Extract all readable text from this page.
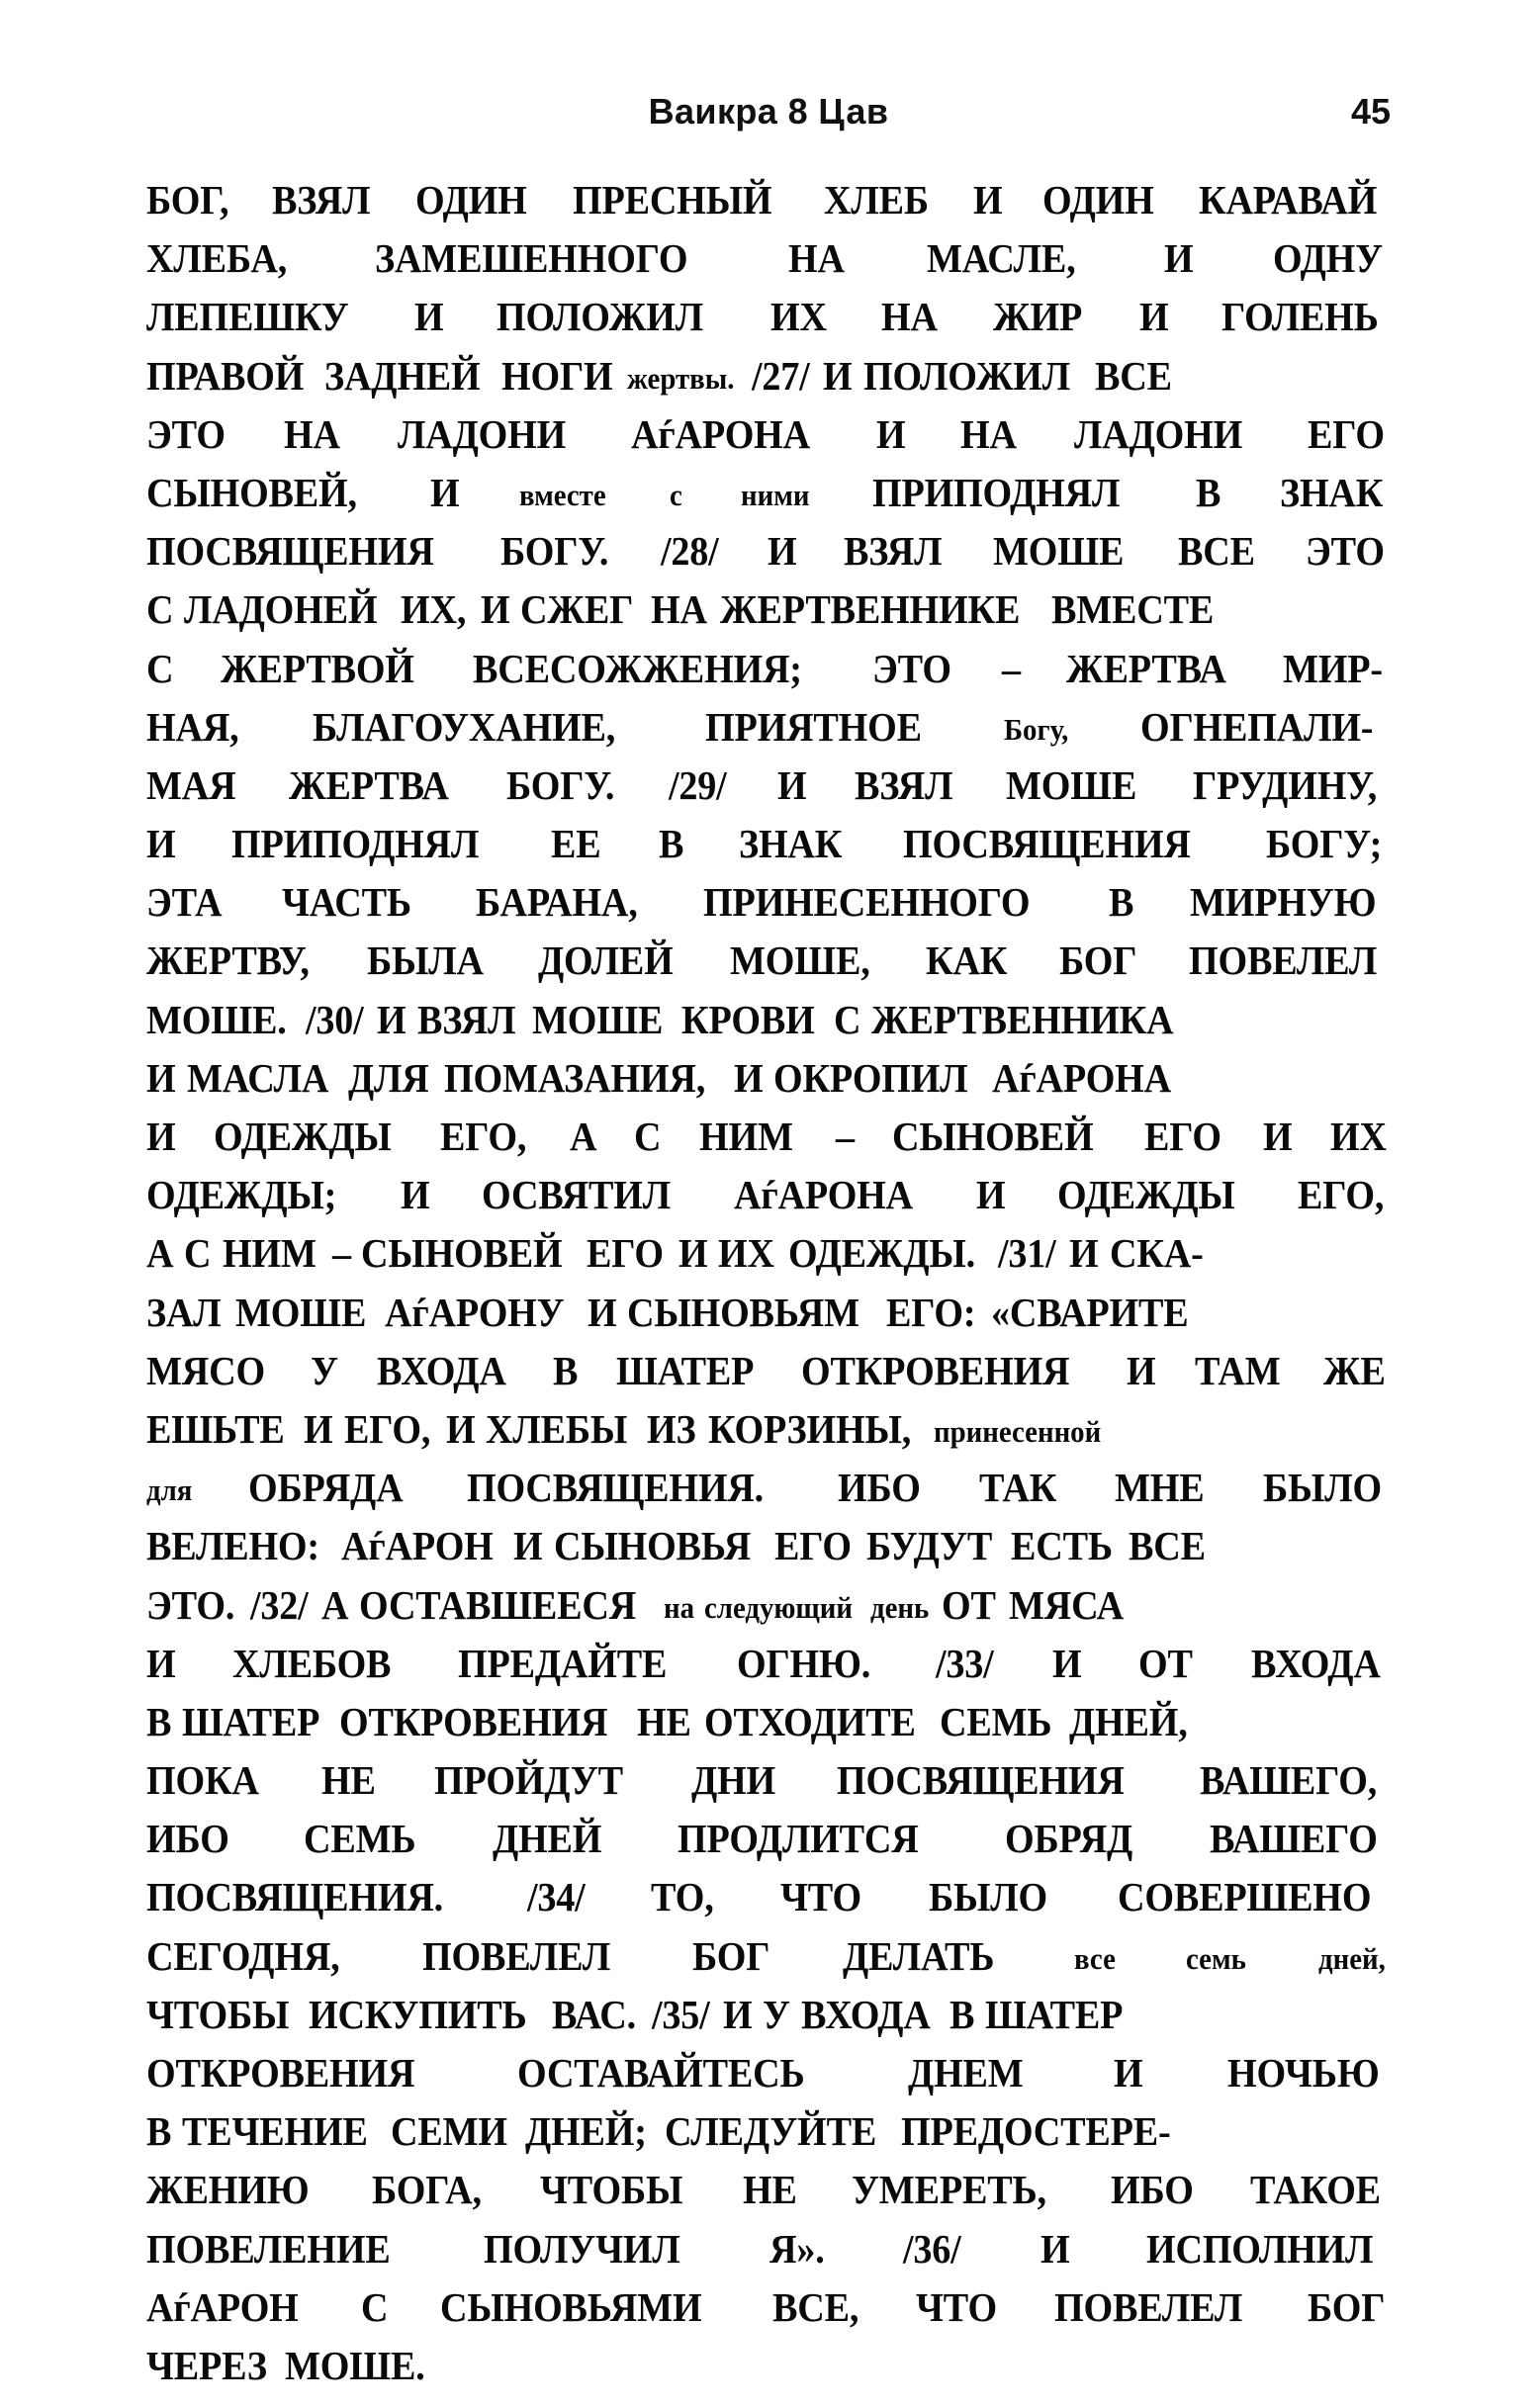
Ваикра 8 Цав	45
БОГ, ВЗЯЛ ОДИН ПРЕСНЫЙ ХЛЕБ И ОДИН КАРАВАЙ
ХЛЕБА, ЗАМЕШЕННОГО НА МАСЛЕ, И ОДНУ
ЛЕПЕШКУ И ПОЛОЖИЛ ИХ НА ЖИР И ГОЛЕНЬ
ПРАВОЙ ЗАДНЕЙ НОГИ жертвы. /27/ И ПОЛОЖИЛ ВСЕ
ЭТО НА ЛАДОНИ АѓАРОНА И НА ЛАДОНИ ЕГО
СЫНОВЕЙ, И вместе с ними ПРИПОДНЯЛ В ЗНАК
ПОСВЯЩЕНИЯ БОГУ. /28/ И ВЗЯЛ МОШЕ ВСЕ ЭТО
С ЛАДОНЕЙ ИХ, И СЖЕГ НА ЖЕРТВЕННИКЕ ВМЕСТЕ
С ЖЕРТВОЙ ВСЕСОЖЖЕНИЯ; ЭТО – ЖЕРТВА МИР-
НАЯ, БЛАГОУХАНИЕ, ПРИЯТНОЕ	Богу, ОГНЕПАЛИ-
МАЯ ЖЕРТВА БОГУ. /29/ И ВЗЯЛ МОШЕ ГРУДИНУ,
И ПРИПОДНЯЛ ЕЕ В ЗНАК ПОСВЯЩЕНИЯ БОГУ;
ЭТА ЧАСТЬ БАРАНА, ПРИНЕСЕННОГО В МИРНУЮ
ЖЕРТВУ, БЫЛА ДОЛЕЙ МОШЕ, КАК БОГ ПОВЕЛЕЛ
МОШЕ. /30/ И ВЗЯЛ МОШЕ КРОВИ С ЖЕРТВЕННИКА
И МАСЛА ДЛЯ ПОМАЗАНИЯ, И ОКРОПИЛ АѓАРОНА
И ОДЕЖДЫ ЕГО, А С НИМ – СЫНОВЕЙ ЕГО И ИХ
ОДЕЖДЫ; И ОСВЯТИЛ АѓАРОНА И ОДЕЖДЫ ЕГО,
А С НИМ – СЫНОВЕЙ ЕГО И ИХ ОДЕЖДЫ. /31/ И СКА-
ЗАЛ МОШЕ АѓАРОНУ И СЫНОВЬЯМ ЕГО: «СВАРИТЕ
МЯСО У ВХОДА В ШАТЕР ОТКРОВЕНИЯ И ТАМ ЖЕ
ЕШЬТЕ И ЕГО, И ХЛЕБЫ ИЗ КОРЗИНЫ, принесенной
для ОБРЯДА ПОСВЯЩЕНИЯ. ИБО ТАК МНЕ БЫЛО
ВЕЛЕНО: АѓАРОН И СЫНОВЬЯ ЕГО БУДУТ ЕСТЬ ВСЕ
ЭТО. /32/ А ОСТАВШЕЕСЯ на следующий день ОТ МЯСА
И ХЛЕБОВ ПРЕДАЙТЕ ОГНЮ. /33/ И ОТ ВХОДА
В ШАТЕР ОТКРОВЕНИЯ НЕ ОТХОДИТЕ СЕМЬ ДНЕЙ,
ПОКА НЕ ПРОЙДУТ ДНИ ПОСВЯЩЕНИЯ ВАШЕГО,
ИБО СЕМЬ ДНЕЙ ПРОДЛИТСЯ ОБРЯД ВАШЕГО
ПОСВЯЩЕНИЯ. /34/ ТО, ЧТО БЫЛО СОВЕРШЕНО
СЕГОДНЯ, ПОВЕЛЕЛ БОГ ДЕЛАТЬ	все семь дней,
ЧТОБЫ ИСКУПИТЬ ВАС. /35/ И У ВХОДА В ШАТЕР
ОТКРОВЕНИЯ	ОСТАВАЙТЕСЬ	ДНЕМ И НОЧЬЮ
В ТЕЧЕНИЕ СЕМИ ДНЕЙ; СЛЕДУЙТЕ ПРЕДОСТЕРЕ-
ЖЕНИЮ БОГА, ЧТОБЫ НЕ УМЕРЕТЬ, ИБО ТАКОЕ
ПОВЕЛЕНИЕ ПОЛУЧИЛ Я». /36/ И ИСПОЛНИЛ
АѓАРОН С СЫНОВЬЯМИ ВСЕ, ЧТО ПОВЕЛЕЛ БОГ
ЧЕРЕЗ МОШЕ.
